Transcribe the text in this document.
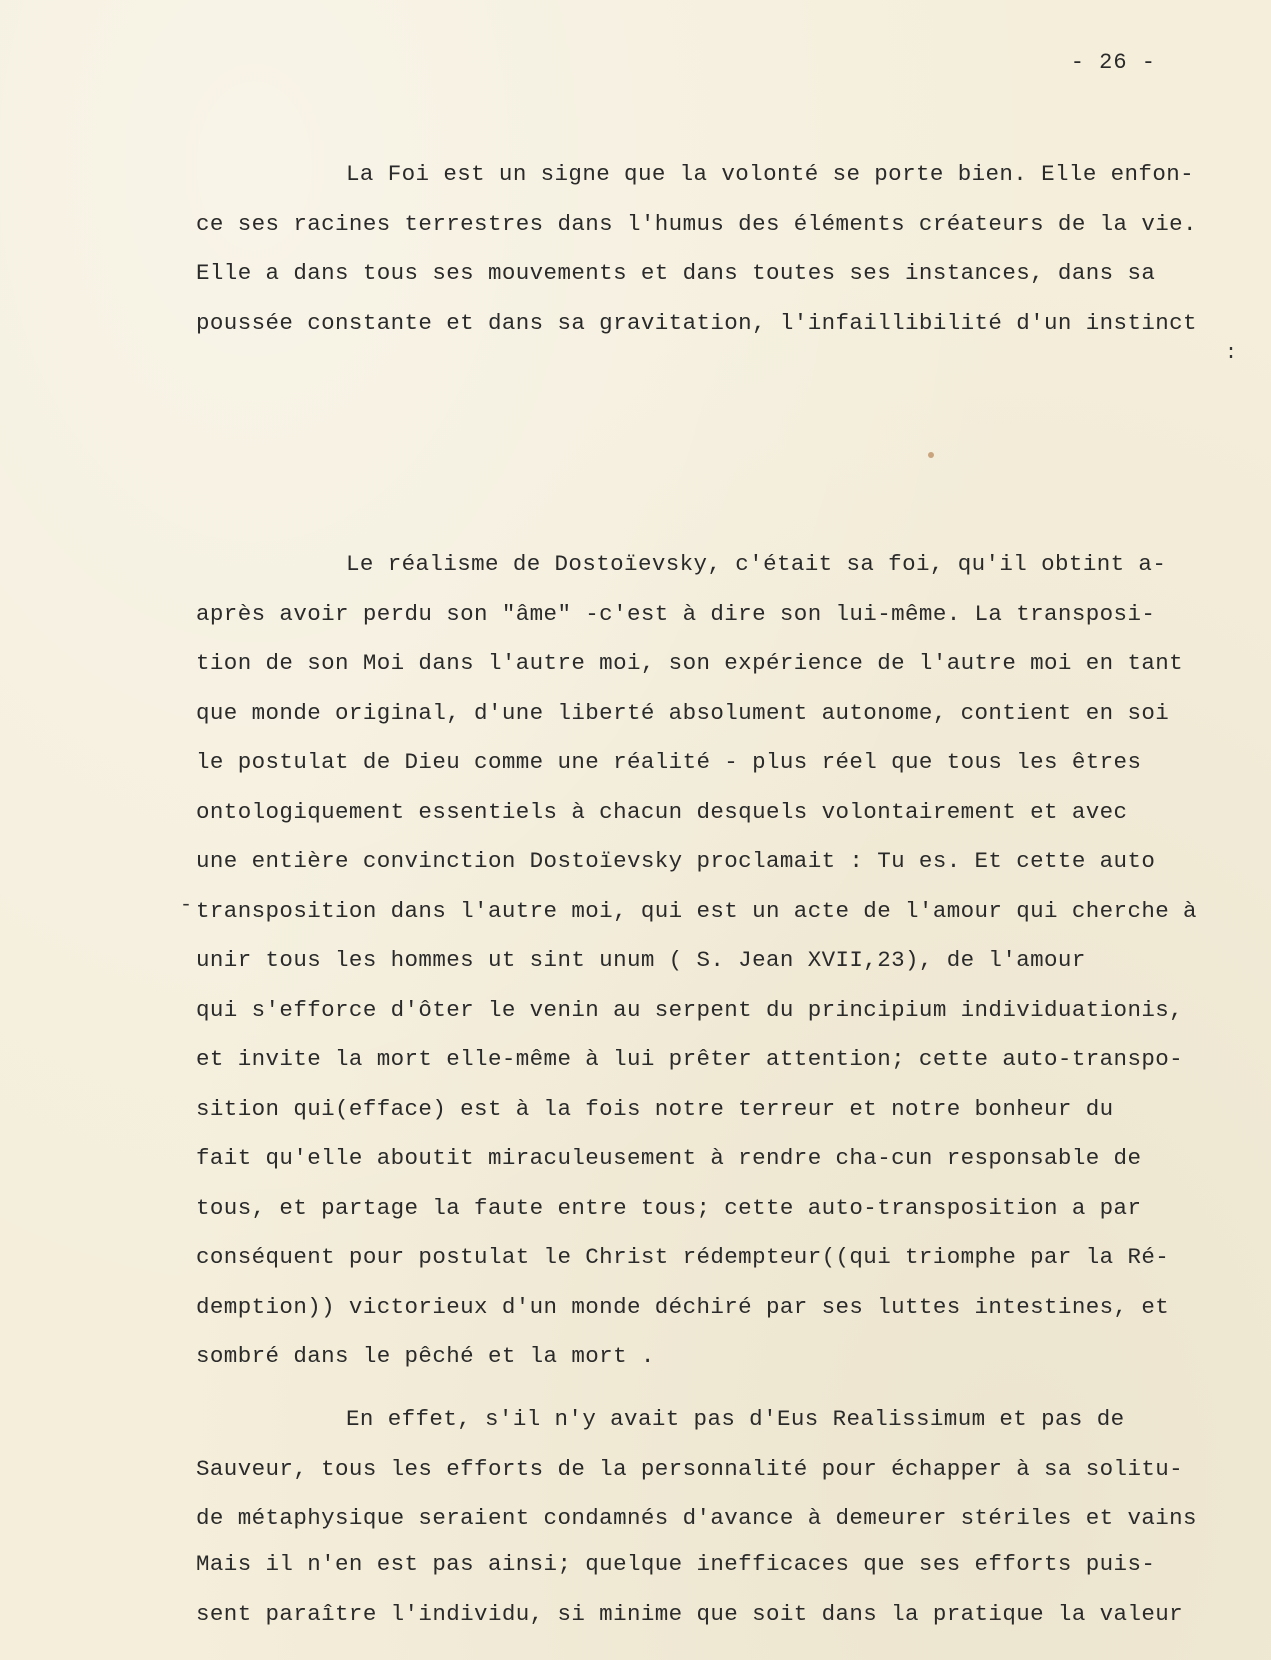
- 26 -
La Foi est un signe que la volonté se porte bien. Elle enfon-
ce ses racines terrestres dans l'humus des éléments créateurs de la vie.
Elle a dans tous ses mouvements et dans toutes ses instances, dans sa
poussée constante et dans sa gravitation, l'infaillibilité d'un instinct
:
Le réalisme de Dostoïevsky, c'était sa foi, qu'il obtint a-
après avoir perdu son "âme" -c'est à dire son lui-même. La transposi-
tion de son Moi dans l'autre moi, son expérience de l'autre moi en tant
que monde original, d'une liberté absolument autonome, contient en soi
le postulat de Dieu comme une réalité - plus réel que tous les êtres
ontologiquement essentiels à chacun desquels volontairement et avec
une entière convinction Dostoïevsky proclamait : Tu es. Et cette auto
transposition dans l'autre moi, qui est un acte de l'amour qui cherche à
unir tous les hommes ut sint unum ( S. Jean XVII,23), de l'amour
qui s'efforce d'ôter le venin au serpent du principium individuationis,
et invite la mort elle-même à lui prêter attention; cette auto-transpo-
sition qui(efface) est à la fois notre terreur et notre bonheur du
fait qu'elle aboutit miraculeusement à rendre cha-cun responsable de
tous, et partage la faute entre tous; cette auto-transposition a par
conséquent pour postulat le Christ rédempteur((qui triomphe par la Ré-
demption)) victorieux d'un monde déchiré par ses luttes intestines, et
sombré dans le pêché et la mort .
-
En effet, s'il n'y avait pas d'Eus Realissimum et pas de
Sauveur, tous les efforts de la personnalité pour échapper à sa solitu-
de métaphysique seraient condamnés d'avance à demeurer stériles et vains
Mais il n'en est pas ainsi; quelque inefficaces que ses efforts puis-
sent paraître l'individu, si minime que soit dans la pratique la valeur
